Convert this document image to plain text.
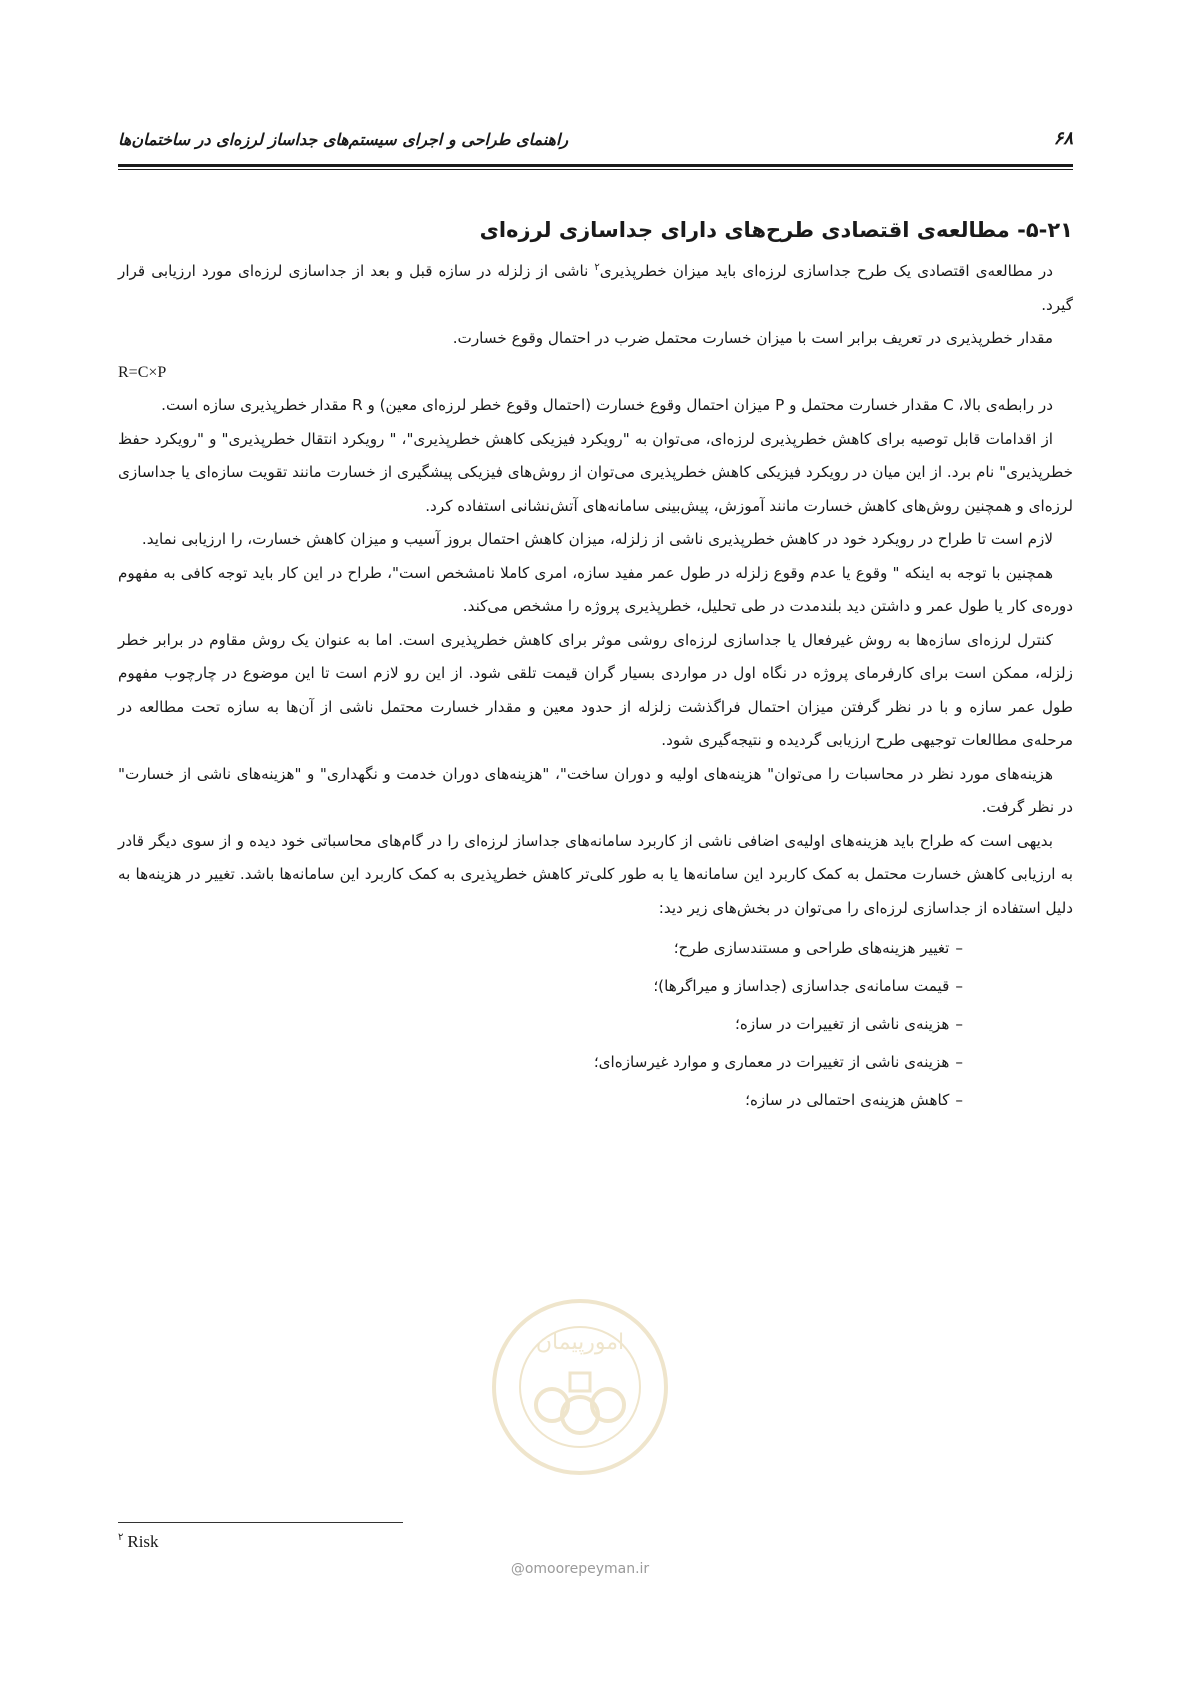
۶۸
راهنمای طراحی و اجرای سیستم‌های جداساز لرزه‌ای در ساختمان‌ها
۵-۲۱- مطالعه‌ی اقتصادی طرح‌های دارای جداسازی لرزه‌ای

در مطالعه‌ی اقتصادی یک طرح جداسازی لرزه‌ای باید میزان خطرپذیری$^۲$ ناشی از زلزله در سازه قبل و بعد از جداسازی لرزه‌ای مورد ارزیابی قرار گیرد.

مقدار خطرپذیری در تعریف برابر است با میزان خسارت محتمل ضرب در احتمال وقوع خسارت.

R=C×P

در رابطه‌ی بالا، C مقدار خسارت محتمل و P میزان احتمال وقوع خسارت (احتمال وقوع خطر لرزه‌ای معین) و R مقدار خطرپذیری سازه است.

از اقدامات قابل توصیه برای کاهش خطرپذیری لرزه‌ای، می‌توان به "رویکرد فیزیکی کاهش خطرپذیری"، " رویکرد انتقال خطرپذیری" و "رویکرد حفظ خطرپذیری" نام برد. از این میان در رویکرد فیزیکی کاهش خطرپذیری می‌توان از روش‌های فیزیکی پیشگیری از خسارت مانند تقویت سازه‌ای یا جداسازی لرزه‌ای و همچنین روش‌های کاهش خسارت مانند آموزش، پیش‌بینی سامانه‌های آتش‌نشانی استفاده کرد.

لازم است تا طراح در رویکرد خود در کاهش خطرپذیری ناشی از زلزله، میزان کاهش احتمال بروز آسیب و میزان کاهش خسارت، را ارزیابی نماید.

همچنین با توجه به اینکه " وقوع یا عدم وقوع زلزله در طول عمر مفید سازه، امری کاملا نامشخص است"، طراح در این کار باید توجه کافی به مفهوم دوره‌ی کار یا طول عمر و داشتن دید بلندمدت در طی تحلیل، خطرپذیری پروژه را مشخص می‌کند.

کنترل لرزه‌ای سازه‌ها به روش غیرفعال یا جداسازی لرزه‌ای روشی موثر برای کاهش خطرپذیری است. اما به عنوان یک روش مقاوم در برابر خطر زلزله، ممکن است برای کارفرمای پروژه در نگاه اول در مواردی بسیار گران قیمت تلقی شود. از این رو لازم است تا این موضوع در چارچوب مفهوم طول عمر سازه و با در نظر گرفتن میزان احتمال فراگذشت زلزله از حدود معین و مقدار خسارت محتمل ناشی از آن‌ها به سازه تحت مطالعه در مرحله‌ی مطالعات توجیهی طرح ارزیابی گردیده و نتیجه‌گیری شود.

هزینه‌های مورد نظر در محاسبات را می‌توان" هزینه‌های اولیه و دوران ساخت"، "هزینه‌های دوران خدمت و نگهداری" و "هزینه‌های ناشی از خسارت" در نظر گرفت.

بدیهی است که طراح باید هزینه‌های اولیه‌ی اضافی ناشی از کاربرد سامانه‌های جداساز لرزه‌ای را در گام‌های محاسباتی خود دیده و از سوی دیگر قادر به ارزیابی کاهش خسارت محتمل به کمک کاربرد این سامانه‌ها یا به طور کلی‌تر کاهش خطرپذیری به کمک کاربرد این سامانه‌ها باشد. تغییر در هزینه‌ها به دلیل استفاده از جداسازی لرزه‌ای را می‌توان در بخش‌های زیر دید:

–تغییر هزینه‌های طراحی و مستندسازی طرح؛
–قیمت سامانه‌ی جداسازی (جداساز و میراگرها)؛
–هزینه‌ی ناشی از تغییرات در سازه؛
–هزینه‌ی ناشی از تغییرات در معماری و موارد غیرسازه‌ای؛
–کاهش هزینه‌ی احتمالی در سازه؛
امورپیمان
@omoorepeyman.ir
$^۲$ Risk
